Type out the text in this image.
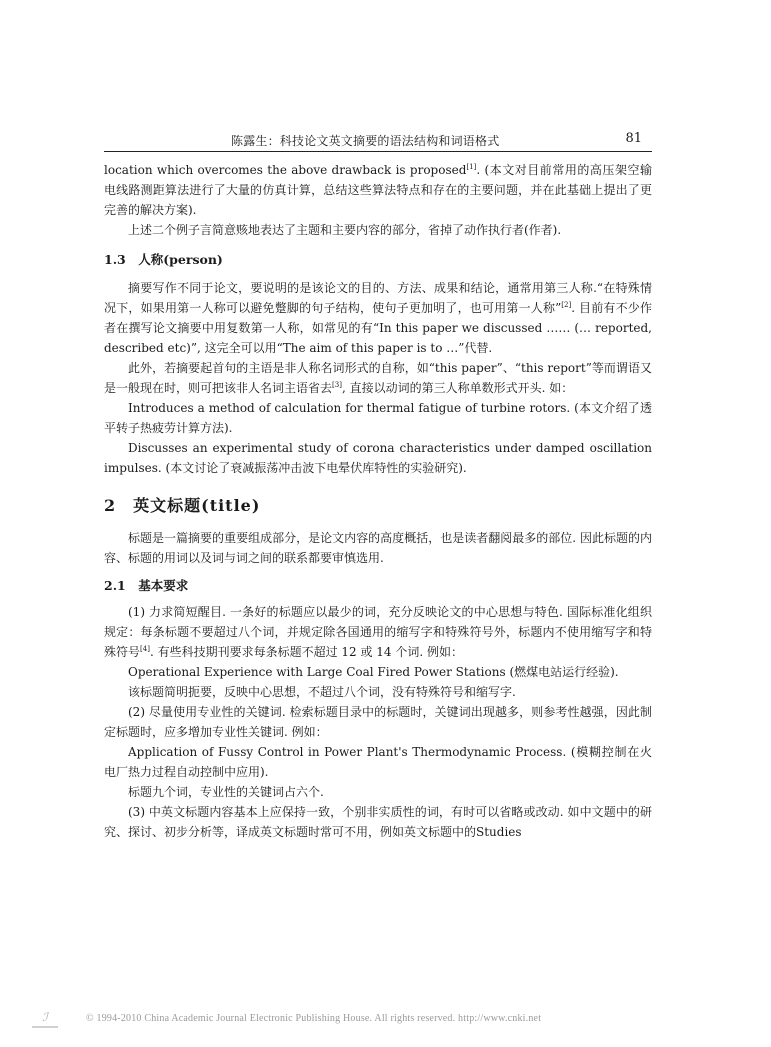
陈露生：科技论文英文摘要的语法结构和词语格式	81

location which overcomes the above drawback is proposed[1]. (本文对目前常用的高压架空输电线路测距算法进行了大量的仿真计算，总结这些算法特点和存在的主要问题，并在此基础上提出了更完善的解决方案).

上述二个例子言简意赅地表达了主题和主要内容的部分，省掉了动作执行者(作者).

1.3　人称(person)

摘要写作不同于论文，要说明的是该论文的目的、方法、成果和结论，通常用第三人称.“在特殊情况下，如果用第一人称可以避免蹩脚的句子结构，使句子更加明了，也可用第一人称”[2]. 目前有不少作者在撰写论文摘要中用复数第一人称，如常见的有“In this paper we discussed …… (… reported, described etc)”, 这完全可以用“The aim of this paper is to …”代替.

此外，若摘要起首句的主语是非人称名词形式的自称，如“this paper”、“this report”等而谓语又是一般现在时，则可把该非人名词主语省去[3], 直接以动词的第三人称单数形式开头. 如：

Introduces a method of calculation for thermal fatigue of turbine rotors. (本文介绍了透平转子热疲劳计算方法).

Discusses an experimental study of corona characteristics under damped oscillation impulses. (本文讨论了衰减振荡冲击波下电晕伏库特性的实验研究).

2　英文标题(title)

标题是一篇摘要的重要组成部分，是论文内容的高度概括，也是读者翻阅最多的部位. 因此标题的内容、标题的用词以及词与词之间的联系都要审慎选用.

2.1　基本要求

(1) 力求简短醒目. 一条好的标题应以最少的词，充分反映论文的中心思想与特色. 国际标准化组织规定：每条标题不要超过八个词，并规定除各国通用的缩写字和特殊符号外，标题内不使用缩写字和特殊符号[4]. 有些科技期刊要求每条标题不超过 12 或 14 个词. 例如：

Operational Experience with Large Coal Fired Power Stations (燃煤电站运行经验).

该标题简明扼要，反映中心思想，不超过八个词，没有特殊符号和缩写字.

(2) 尽量使用专业性的关键词. 检索标题目录中的标题时，关键词出现越多，则参考性越强，因此制定标题时，应多增加专业性关键词. 例如：

Application of Fussy Control in Power Plant's Thermodynamic Process. (模糊控制在火电厂热力过程自动控制中应用).

标题九个词，专业性的关键词占六个.

(3) 中英文标题内容基本上应保持一致，个别非实质性的词，有时可以省略或改动. 如中文题中的研究、探讨、初步分析等，译成英文标题时常可不用，例如英文标题中的Studies

ℐ	© 1994-2010 China Academic Journal Electronic Publishing House. All rights reserved. http://www.cnki.net
